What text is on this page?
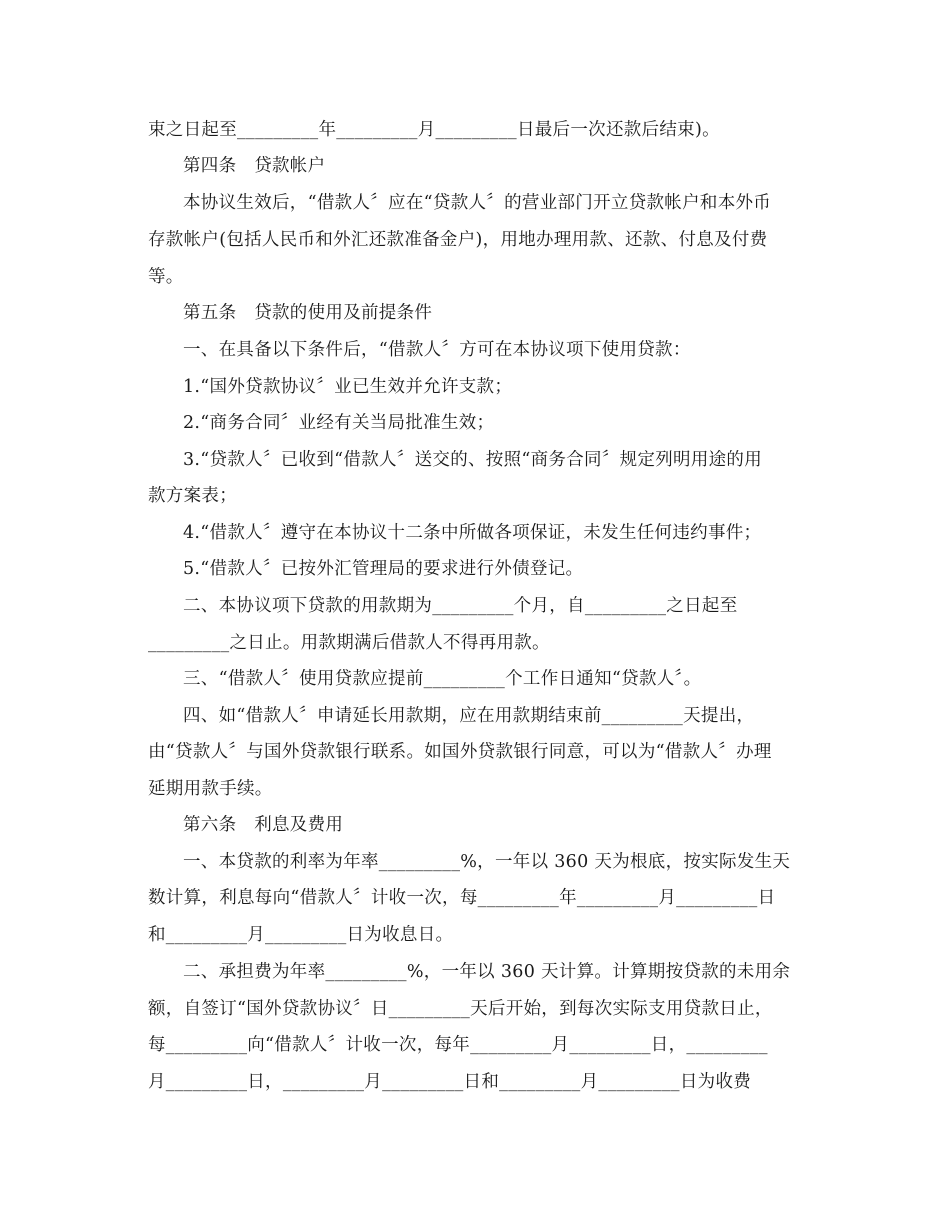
束之日起至_________年_________月_________日最后一次还款后结束)。
第四条　贷款帐户
本协议生效后，“借款人〞应在“贷款人〞的营业部门开立贷款帐户和本外币
存款帐户(包括人民币和外汇还款准备金户)，用地办理用款、还款、付息及付费
等。
第五条　贷款的使用及前提条件
一、在具备以下条件后，“借款人〞方可在本协议项下使用贷款：
1.“国外贷款协议〞业已生效并允许支款；
2.“商务合同〞业经有关当局批准生效；
3.“贷款人〞已收到“借款人〞送交的、按照“商务合同〞规定列明用途的用
款方案表；
4.“借款人〞遵守在本协议十二条中所做各项保证，未发生任何违约事件；
5.“借款人〞已按外汇管理局的要求进行外债登记。
二、本协议项下贷款的用款期为_________个月，自_________之日起至
_________之日止。用款期满后借款人不得再用款。
三、“借款人〞使用贷款应提前_________个工作日通知“贷款人〞。
四、如“借款人〞申请延长用款期，应在用款期结束前_________天提出，
由“贷款人〞与国外贷款银行联系。如国外贷款银行同意，可以为“借款人〞办理
延期用款手续。
第六条　利息及费用
一、本贷款的利率为年率_________%，一年以 360 天为根底，按实际发生天
数计算，利息每向“借款人〞计收一次，每_________年_________月_________日
和_________月_________日为收息日。
二、承担费为年率_________%，一年以 360 天计算。计算期按贷款的未用余
额，自签订“国外贷款协议〞日_________天后开始，到每次实际支用贷款日止，
每_________向“借款人〞计收一次，每年_________月_________日，_________
月_________日，_________月_________日和_________月_________日为收费
